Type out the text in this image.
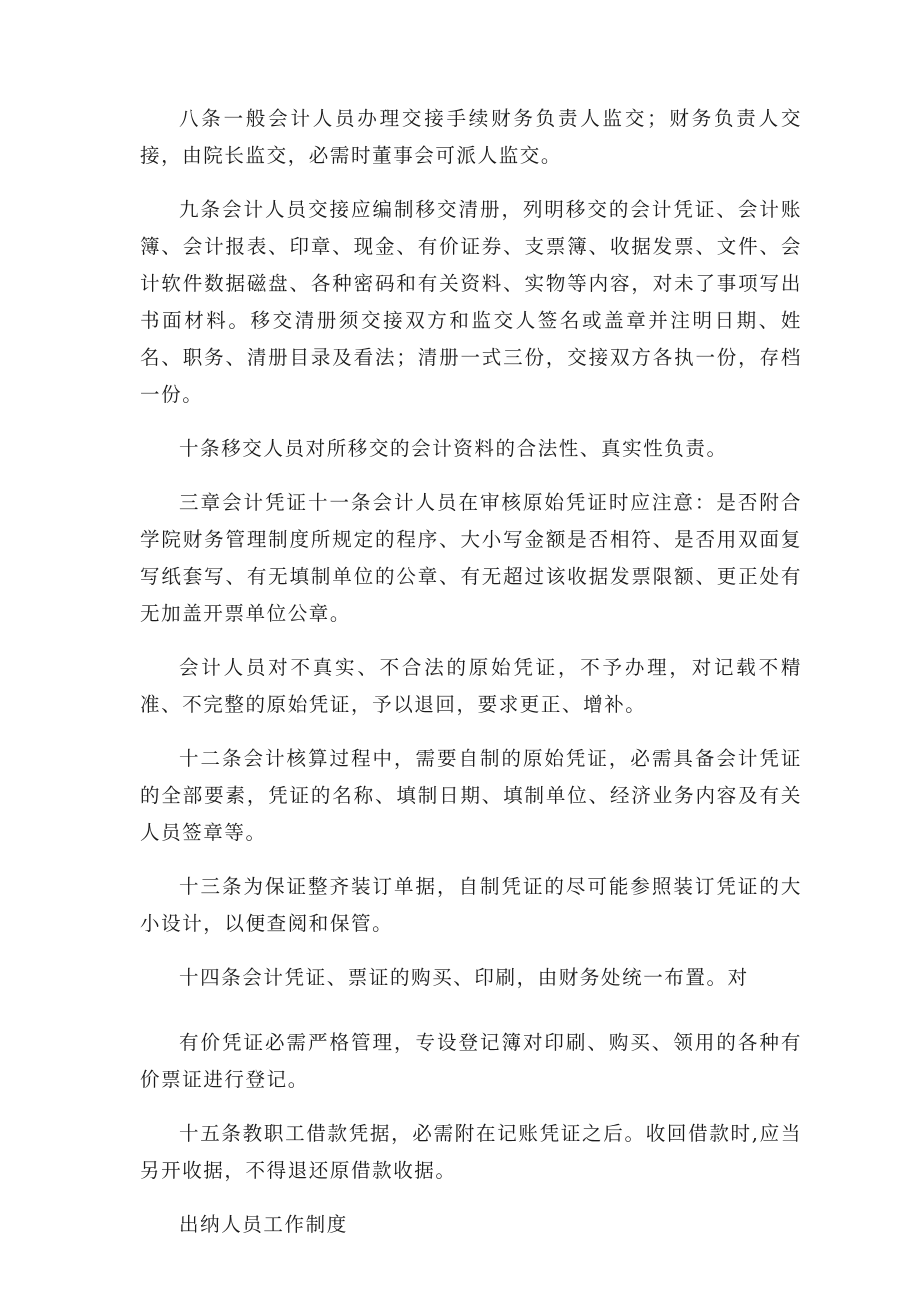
八条一般会计人员办理交接手续财务负责人监交；财务负责人交接，由院长监交，必需时董事会可派人监交。

九条会计人员交接应编制移交清册，列明移交的会计凭证、会计账簿、会计报表、印章、现金、有价证券、支票簿、收据发票、文件、会计软件数据磁盘、各种密码和有关资料、实物等内容，对未了事项写出书面材料。移交清册须交接双方和监交人签名或盖章并注明日期、姓名、职务、清册目录及看法；清册一式三份，交接双方各执一份，存档一份。

十条移交人员对所移交的会计资料的合法性、真实性负责。

三章会计凭证十一条会计人员在审核原始凭证时应注意：是否附合学院财务管理制度所规定的程序、大小写金额是否相符、是否用双面复写纸套写、有无填制单位的公章、有无超过该收据发票限额、更正处有无加盖开票单位公章。

会计人员对不真实、不合法的原始凭证，不予办理，对记载不精准、不完整的原始凭证，予以退回，要求更正、增补。

十二条会计核算过程中，需要自制的原始凭证，必需具备会计凭证的全部要素，凭证的名称、填制日期、填制单位、经济业务内容及有关人员签章等。

十三条为保证整齐装订单据，自制凭证的尽可能参照装订凭证的大小设计，以便查阅和保管。

十四条会计凭证、票证的购买、印刷，由财务处统一布置。对

有价凭证必需严格管理，专设登记簿对印刷、购买、领用的各种有价票证进行登记。

十五条教职工借款凭据，必需附在记账凭证之后。收回借款时,应当另开收据，不得退还原借款收据。

出纳人员工作制度
